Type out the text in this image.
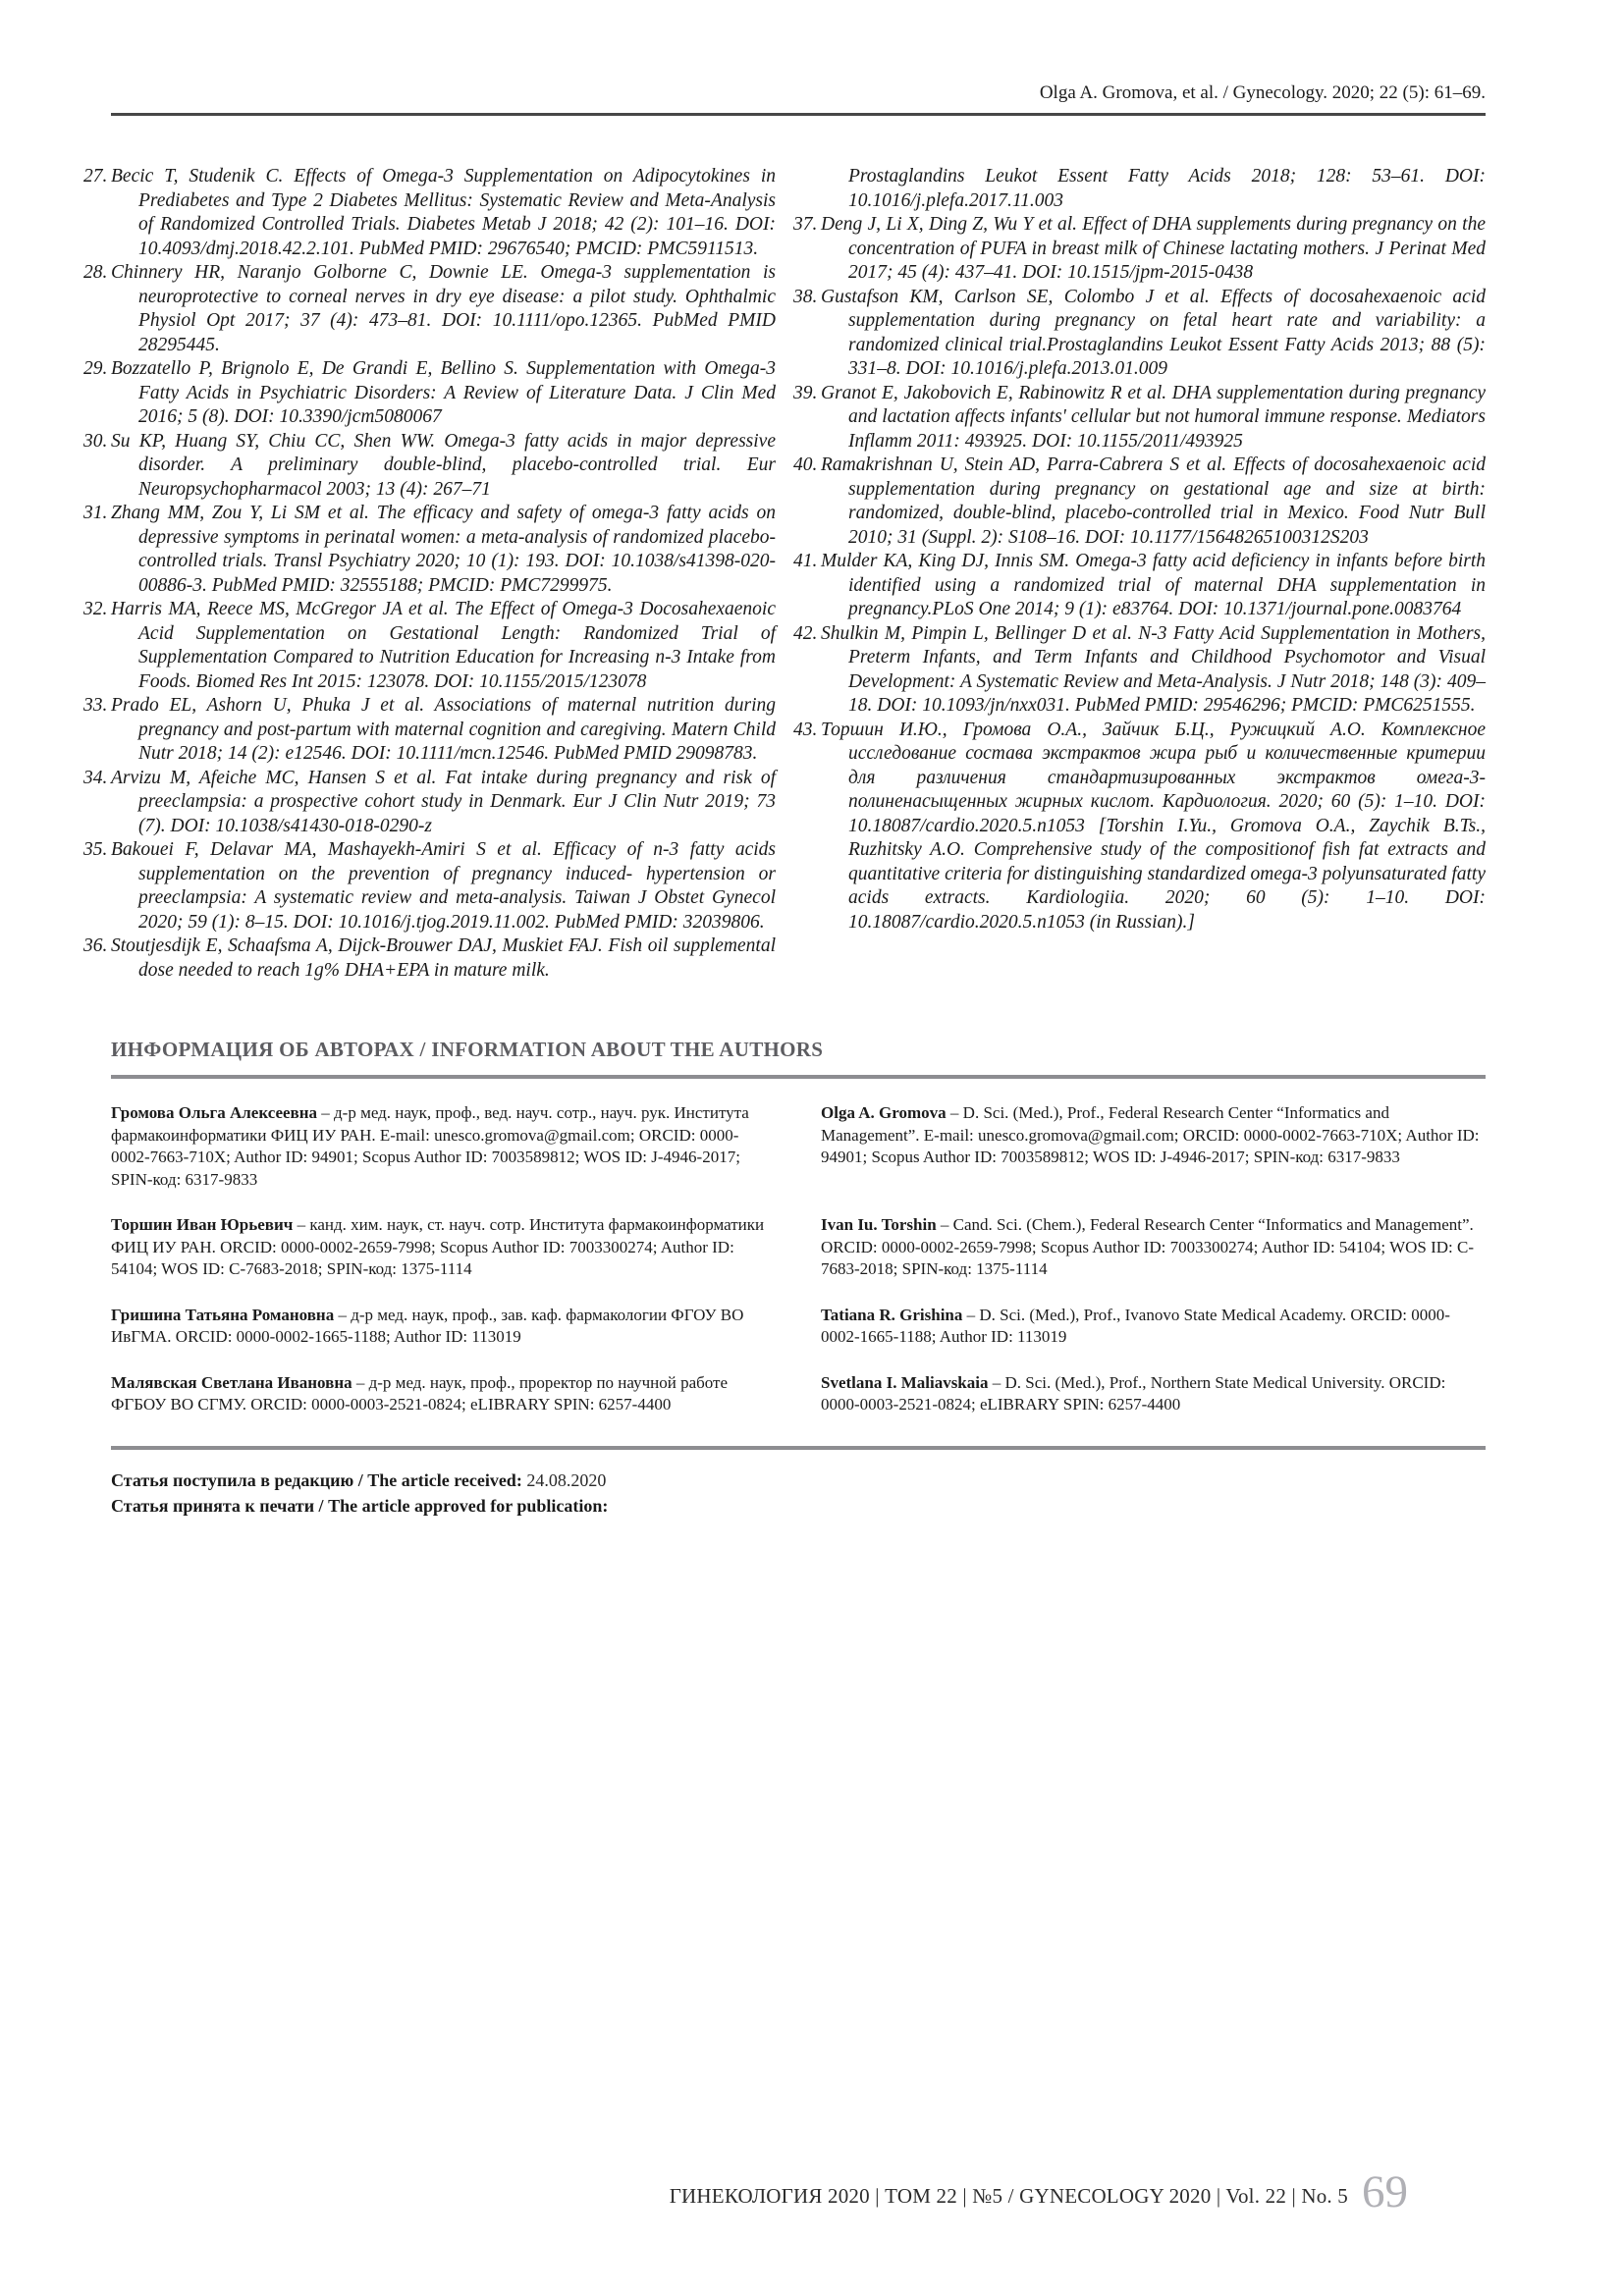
Olga A. Gromova, et al. / Gynecology. 2020; 22 (5): 61–69.
27. Becic T, Studenik C. Effects of Omega-3 Supplementation on Adipocytokines in Prediabetes and Type 2 Diabetes Mellitus: Systematic Review and Meta-Analysis of Randomized Controlled Trials. Diabetes Metab J 2018; 42 (2): 101–16. DOI: 10.4093/dmj.2018.42.2.101. PubMed PMID: 29676540; PMCID: PMC5911513.
28. Chinnery HR, Naranjo Golborne C, Downie LE. Omega-3 supplementation is neuroprotective to corneal nerves in dry eye disease: a pilot study. Ophthalmic Physiol Opt 2017; 37 (4): 473–81. DOI: 10.1111/opo.12365. PubMed PMID 28295445.
29. Bozzatello P, Brignolo E, De Grandi E, Bellino S. Supplementation with Omega-3 Fatty Acids in Psychiatric Disorders: A Review of Literature Data. J Clin Med 2016; 5 (8). DOI: 10.3390/jcm5080067
30. Su KP, Huang SY, Chiu CC, Shen WW. Omega-3 fatty acids in major depressive disorder. A preliminary double-blind, placebo-controlled trial. Eur Neuropsychopharmacol 2003; 13 (4): 267–71
31. Zhang MM, Zou Y, Li SM et al. The efficacy and safety of omega-3 fatty acids on depressive symptoms in perinatal women: a meta-analysis of randomized placebo-controlled trials. Transl Psychiatry 2020; 10 (1): 193. DOI: 10.1038/s41398-020-00886-3. PubMed PMID: 32555188; PMCID: PMC7299975.
32. Harris MA, Reece MS, McGregor JA et al. The Effect of Omega-3 Docosahexaenoic Acid Supplementation on Gestational Length: Randomized Trial of Supplementation Compared to Nutrition Education for Increasing n-3 Intake from Foods. Biomed Res Int 2015: 123078. DOI: 10.1155/2015/123078
33. Prado EL, Ashorn U, Phuka J et al. Associations of maternal nutrition during pregnancy and post-partum with maternal cognition and caregiving. Matern Child Nutr 2018; 14 (2): e12546. DOI: 10.1111/mcn.12546. PubMed PMID 29098783.
34. Arvizu M, Afeiche MC, Hansen S et al. Fat intake during pregnancy and risk of preeclampsia: a prospective cohort study in Denmark. Eur J Clin Nutr 2019; 73 (7). DOI: 10.1038/s41430-018-0290-z
35. Bakouei F, Delavar MA, Mashayekh-Amiri S et al. Efficacy of n-3 fatty acids supplementation on the prevention of pregnancy induced- hypertension or preeclampsia: A systematic review and meta-analysis. Taiwan J Obstet Gynecol 2020; 59 (1): 8–15. DOI: 10.1016/j.tjog.2019.11.002. PubMed PMID: 32039806.
36. Stoutjesdijk E, Schaafsma A, Dijck-Brouwer DAJ, Muskiet FAJ. Fish oil supplemental dose needed to reach 1g% DHA+EPA in mature milk.
Prostaglandins Leukot Essent Fatty Acids 2018; 128: 53–61. DOI: 10.1016/j.plefa.2017.11.003
37. Deng J, Li X, Ding Z, Wu Y et al. Effect of DHA supplements during pregnancy on the concentration of PUFA in breast milk of Chinese lactating mothers. J Perinat Med 2017; 45 (4): 437–41. DOI: 10.1515/jpm-2015-0438
38. Gustafson KM, Carlson SE, Colombo J et al. Effects of docosahexaenoic acid supplementation during pregnancy on fetal heart rate and variability: a randomized clinical trial.Prostaglandins Leukot Essent Fatty Acids 2013; 88 (5): 331–8. DOI: 10.1016/j.plefa.2013.01.009
39. Granot E, Jakobovich E, Rabinowitz R et al. DHA supplementation during pregnancy and lactation affects infants' cellular but not humoral immune response. Mediators Inflamm 2011: 493925. DOI: 10.1155/2011/493925
40. Ramakrishnan U, Stein AD, Parra-Cabrera S et al. Effects of docosahexaenoic acid supplementation during pregnancy on gestational age and size at birth: randomized, double-blind, placebo-controlled trial in Mexico. Food Nutr Bull 2010; 31 (Suppl. 2): S108–16. DOI: 10.1177/15648265100312S203
41. Mulder KA, King DJ, Innis SM. Omega-3 fatty acid deficiency in infants before birth identified using a randomized trial of maternal DHA supplementation in pregnancy.PLoS One 2014; 9 (1): e83764. DOI: 10.1371/journal.pone.0083764
42. Shulkin M, Pimpin L, Bellinger D et al. N-3 Fatty Acid Supplementation in Mothers, Preterm Infants, and Term Infants and Childhood Psychomotor and Visual Development: A Systematic Review and Meta-Analysis. J Nutr 2018; 148 (3): 409–18. DOI: 10.1093/jn/nxx031. PubMed PMID: 29546296; PMCID: PMC6251555.
43. Торшин И.Ю., Громова О.А., Зайчик Б.Ц., Ружицкий А.О. Комплексное исследование состава экстрактов жира рыб и количественные критерии для различения стандартизированных экстрактов омега-3-полиненасыщенных жирных кислот. Кардиология. 2020; 60 (5): 1–10. DOI: 10.18087/cardio.2020.5.n1053 [Torshin I.Yu., Gromova O.A., Zaychik B.Ts., Ruzhitsky A.O. Comprehensive study of the compositionof fish fat extracts and quantitative criteria for distinguishing standardized omega-3 polyunsaturated fatty acids extracts. Kardiologiia. 2020; 60 (5): 1–10. DOI: 10.18087/cardio.2020.5.n1053 (in Russian).]
ИНФОРМАЦИЯ ОБ АВТОРАХ / INFORMATION ABOUT THE AUTHORS
Громова Ольга Алексеевна – д-р мед. наук, проф., вед. науч. сотр., науч. рук. Института фармакоинформатики ФИЦ ИУ РАН. E-mail: unesco.gromova@gmail.com; ORCID: 0000-0002-7663-710X; Author ID: 94901; Scopus Author ID: 7003589812; WOS ID: J-4946-2017; SPIN-код: 6317-9833
Торшин Иван Юрьевич – канд. хим. наук, ст. науч. сотр. Института фармакоинформатики ФИЦ ИУ РАН. ORCID: 0000-0002-2659-7998; Scopus Author ID: 7003300274; Author ID: 54104; WOS ID: C-7683-2018; SPIN-код: 1375-1114
Гришина Татьяна Романовна – д-р мед. наук, проф., зав. каф. фармакологии ФГОУ ВО ИвГМА. ORCID: 0000-0002-1665-1188; Author ID: 113019
Малявская Светлана Ивановна – д-р мед. наук, проф., проректор по научной работе ФГБОУ ВО СГМУ. ORCID: 0000-0003-2521-0824; eLIBRARY SPIN: 6257-4400
Olga A. Gromova – D. Sci. (Med.), Prof., Federal Research Center “Informatics and Management”. E-mail: unesco.gromova@gmail.com; ORCID: 0000-0002-7663-710X; Author ID: 94901; Scopus Author ID: 7003589812; WOS ID: J-4946-2017; SPIN-код: 6317-9833
Ivan Iu. Torshin – Cand. Sci. (Chem.), Federal Research Center “Informatics and Management”. ORCID: 0000-0002-2659-7998; Scopus Author ID: 7003300274; Author ID: 54104; WOS ID: C-7683-2018; SPIN-код: 1375-1114
Tatiana R. Grishina – D. Sci. (Med.), Prof., Ivanovo State Medical Academy. ORCID: 0000-0002-1665-1188; Author ID: 113019
Svetlana I. Maliavskaia – D. Sci. (Med.), Prof., Northern State Medical University. ORCID: 0000-0003-2521-0824; eLIBRARY SPIN: 6257-4400
Статья поступила в редакцию / The article received: 24.08.2020
Статья принята к печати / The article approved for publication:
ГИНЕКОЛОГИЯ 2020 | ТОМ 22 | №5 / GYNECOLOGY 2020 | Vol. 22 | No. 5 69
